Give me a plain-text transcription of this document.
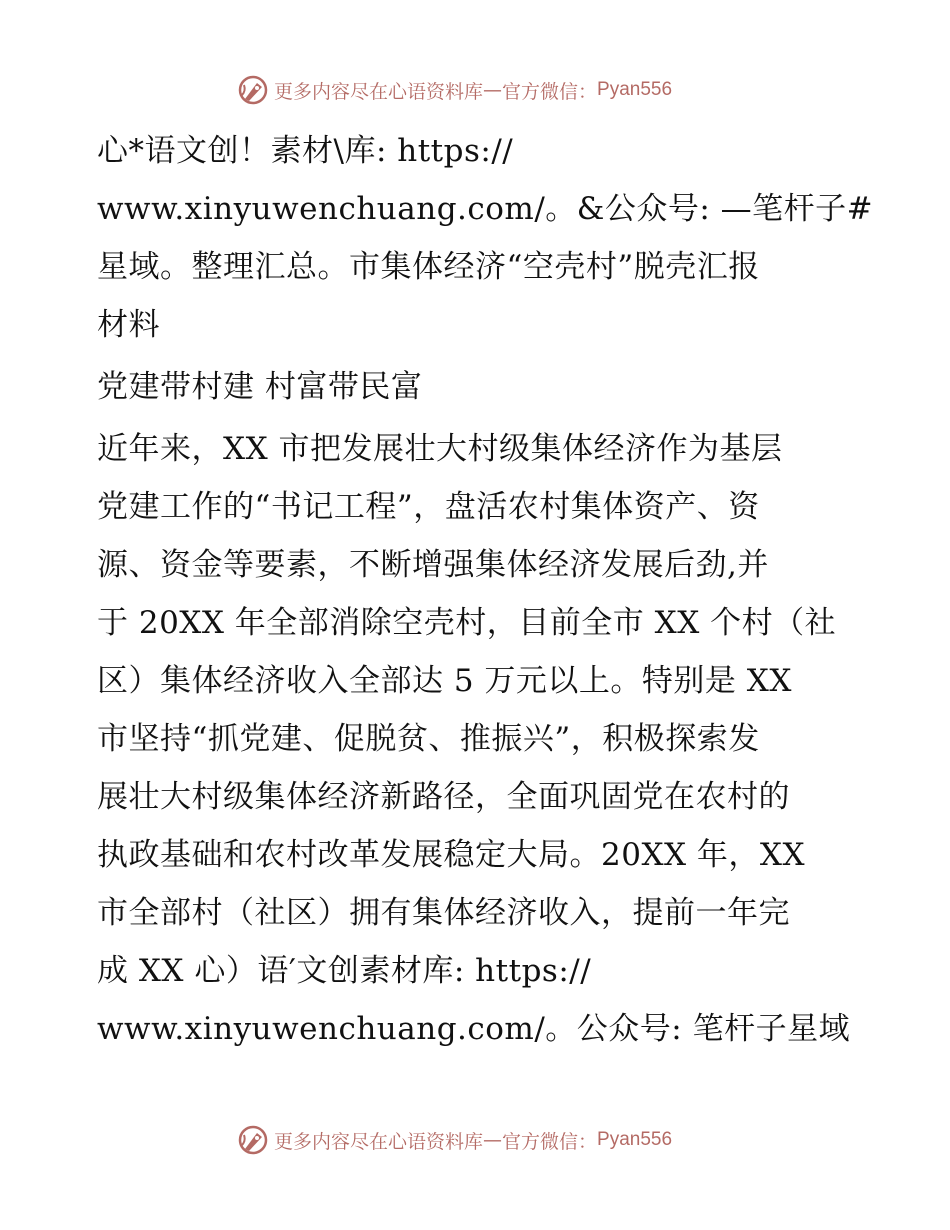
更多内容尽在心语资料库 — 官方微信： Pyan556
心*语文创！素材\库: https://
www.xinyuwenchuang.com/。&公众号: —笔杆子#
星域。整理汇总。市集体经济“空壳村”脱壳汇报
材料
党建带村建 村富带民富
近年来，XX 市把发展壮大村级集体经济作为基层
党建工作的“书记工程”，盘活农村集体资产、资
源、资金等要素，不断增强集体经济发展后劲,并
于 20XX 年全部消除空壳村，目前全市 XX 个村（社
区）集体经济收入全部达 5 万元以上。特别是 XX
市坚持“抓党建、促脱贫、推振兴”，积极探索发
展壮大村级集体经济新路径，全面巩固党在农村的
执政基础和农村改革发展稳定大局。20XX 年，XX
市全部村（社区）拥有集体经济收入，提前一年完
成 XX 心）语′文创素材库: https://
www.xinyuwenchuang.com/。公众号: 笔杆子星域
更多内容尽在心语资料库 — 官方微信： Pyan556
